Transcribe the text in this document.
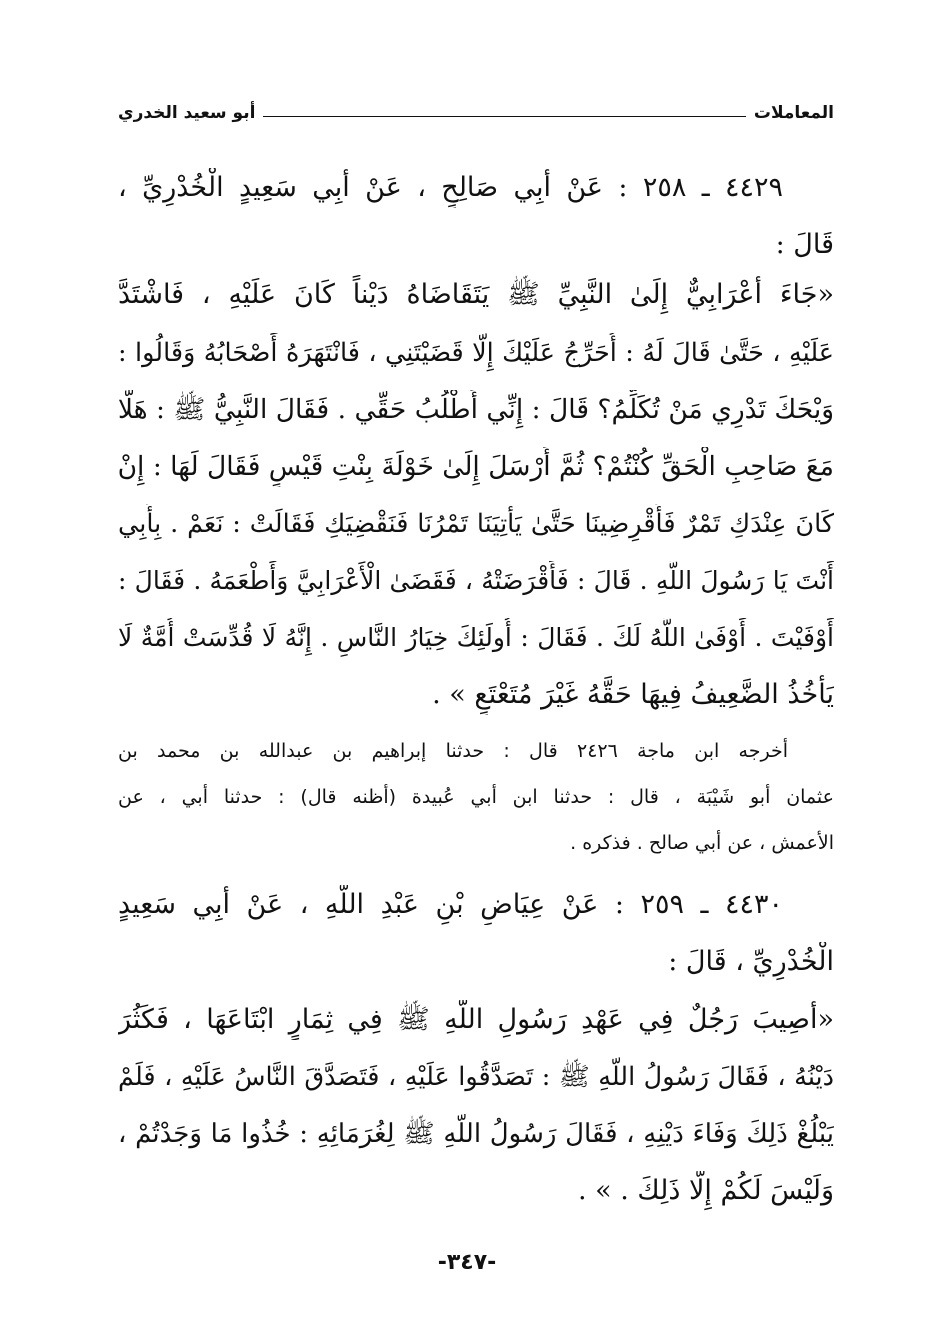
المعاملات
أبو سعيد الخدري
٤٤٢٩ ـ ٢٥٨ : عَنْ أَبِي صَالِحٍ ، عَنْ أَبِي سَعِيدٍ الْخُدْرِيِّ ،
قَالَ :
«جَاءَ أَعْرَابِيٌّ إِلَىٰ النَّبِيِّ ﷺ يَتَقَاضَاهُ دَيْناً كَانَ عَلَيْهِ ، فَاشْتَدَّ
عَلَيْهِ ، حَتَّىٰ قَالَ لَهُ : أُحَرِّجُ عَلَيْكَ إِلَّا قَضَيْتَنِي ، فَانْتَهَرَهُ أَصْحَابُهُ وَقَالُوا :
وَيْحَكَ تَدْرِي مَنْ تُكَلِّمُ؟ قَالَ : إِنِّي أَطْلُبُ حَقِّي . فَقَالَ النَّبِيُّ ﷺ : هَلَّا
مَعَ صَاحِبِ الْحَقِّ كُنْتُمْ؟ ثُمَّ أَرْسَلَ إِلَىٰ خَوْلَةَ بِنْتِ قَيْسٍ فَقَالَ لَهَا : إِنْ
كَانَ عِنْدَكِ تَمْرٌ فَأَقْرِضِينَا حَتَّىٰ يَأْتِيَنَا تَمْرُنَا فَنَقْضِيَكِ فَقَالَتْ : نَعَمْ . بِأَبِي
أَنْتَ يَا رَسُولَ اللَّهِ . قَالَ : فَأَقْرَضَتْهُ ، فَقَضَىٰ الْأَعْرَابِيَّ وَأَطْعَمَهُ . فَقَالَ :
أَوْفَيْتَ . أَوْفَىٰ اللَّهُ لَكَ . فَقَالَ : أُولَئِكَ خِيَارُ النَّاسِ . إِنَّهُ لَا قُدِّسَتْ أُمَّةٌ لَا
يَأْخُذُ الضَّعِيفُ فِيهَا حَقَّهُ غَيْرَ مُتَعْتَعٍ » .
أخرجه ابن ماجة ٢٤٢٦ قال : حدثنا إبراهيم بن عبدالله بن محمد بن
عثمان أبو شَيْبَة ، قال : حدثنا ابن أبي عُبيدة (أظنه قال) : حدثنا أبي ، عن
الأعمش ، عن أبي صالح . فذكره .
٤٤٣٠ ـ ٢٥٩ : عَنْ عِيَاضِ بْنِ عَبْدِ اللَّهِ ، عَنْ أَبِي سَعِيدٍ
الْخُدْرِيِّ ، قَالَ :
«أُصِيبَ رَجُلٌ فِي عَهْدِ رَسُولِ اللَّهِ ﷺ فِي ثِمَارٍ ابْتَاعَهَا ، فَكَثُرَ
دَيْنُهُ ، فَقَالَ رَسُولُ اللَّهِ ﷺ : تَصَدَّقُوا عَلَيْهِ ، فَتَصَدَّقَ النَّاسُ عَلَيْهِ ، فَلَمْ
يَبْلُغْ ذَلِكَ وَفَاءَ دَيْنِهِ ، فَقَالَ رَسُولُ اللَّهِ ﷺ لِغُرَمَائِهِ : خُذُوا مَا وَجَدْتُمْ ،
وَلَيْسَ لَكُمْ إِلَّا ذَلِكَ . » .
-٣٤٧-
